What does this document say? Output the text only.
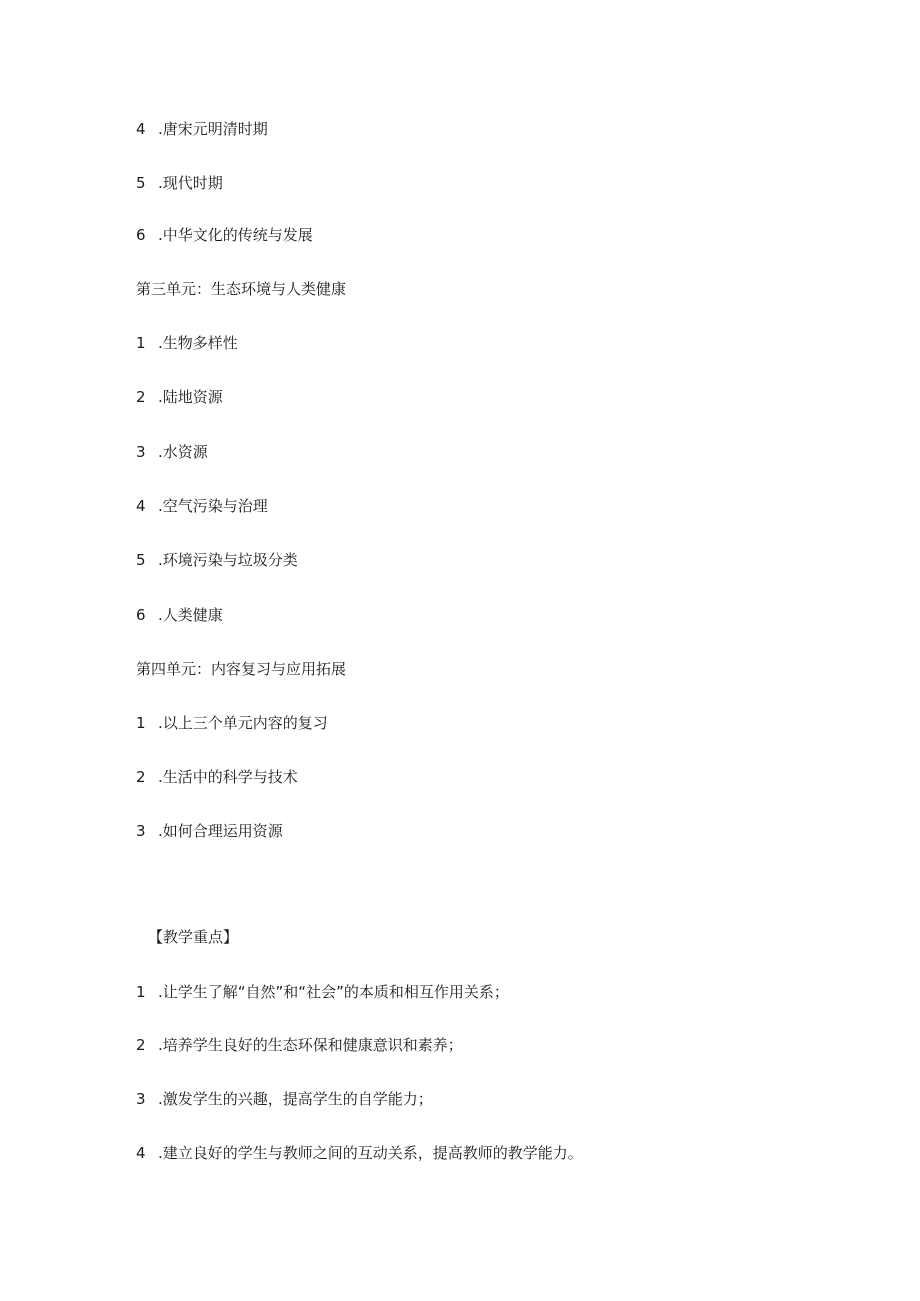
4 .唐宋元明清时期
5 .现代时期
6 .中华文化的传统与发展
第三单元：生态环境与人类健康
1 .生物多样性
2 .陆地资源
3 .水资源
4 .空气污染与治理
5 .环境污染与垃圾分类
6 .人类健康
第四单元：内容复习与应用拓展
1 .以上三个单元内容的复习
2 .生活中的科学与技术
3 .如何合理运用资源
【教学重点】
1 .让学生了解“自然”和“社会”的本质和相互作用关系；
2 .培养学生良好的生态环保和健康意识和素养；
3 .激发学生的兴趣，提高学生的自学能力；
4 .建立良好的学生与教师之间的互动关系，提高教师的教学能力。
